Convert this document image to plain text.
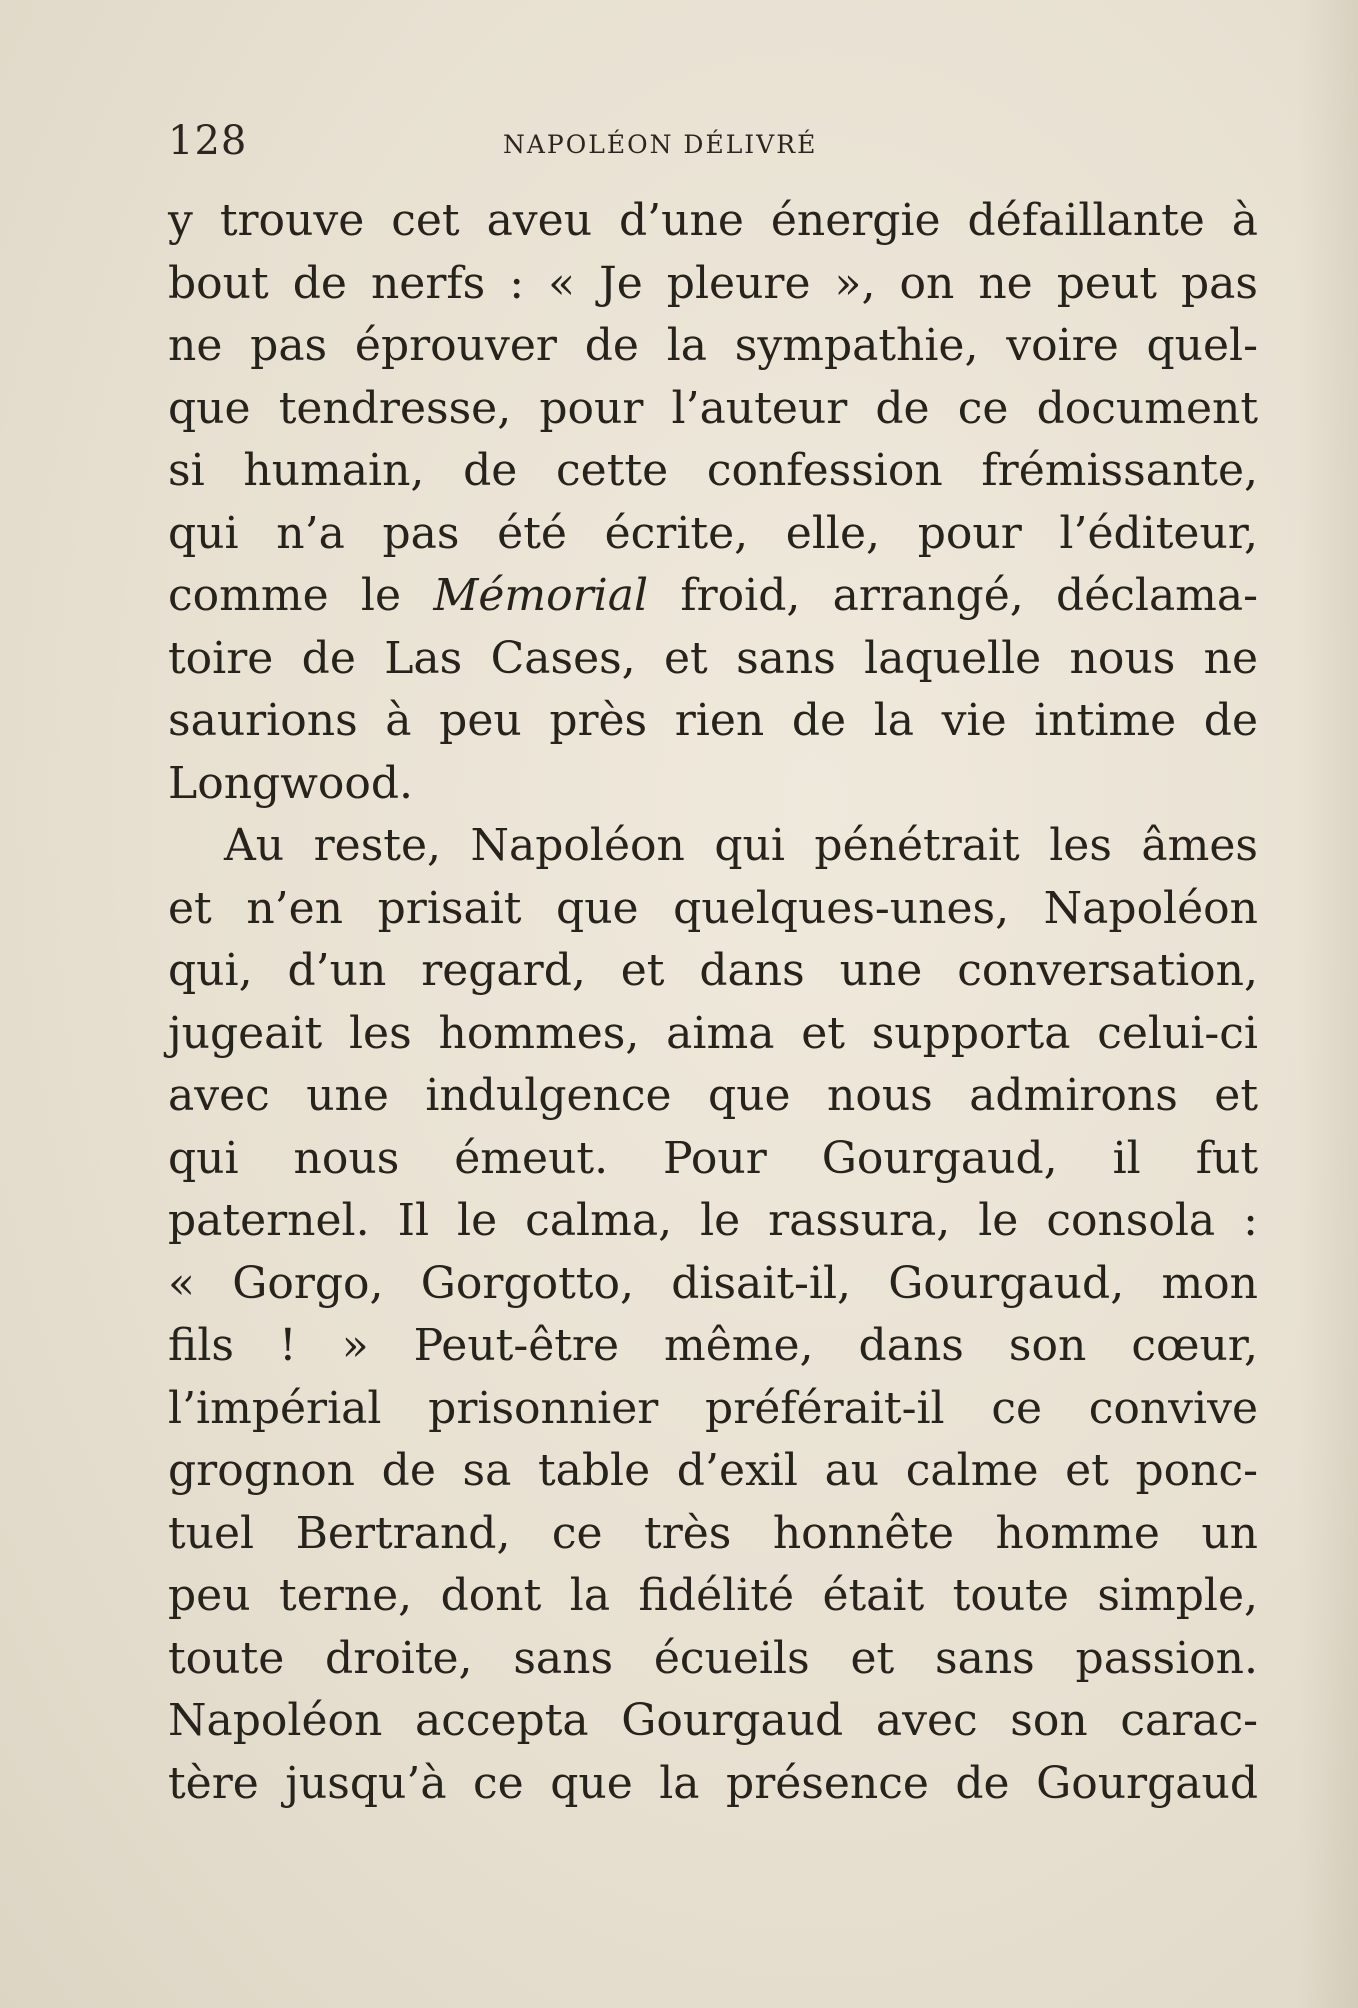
128	NAPOLÉON DÉLIVRÉ
y trouve cet aveu d’une énergie défaillante à
bout de nerfs : « Je pleure », on ne peut pas
ne pas éprouver de la sympathie, voire quel-
que tendresse, pour l’auteur de ce document
si humain, de cette confession frémissante,
qui n’a pas été écrite, elle, pour l’éditeur,
comme le Mémorial froid, arrangé, déclama-
toire de Las Cases, et sans laquelle nous ne
saurions à peu près rien de la vie intime de
Longwood.
Au reste, Napoléon qui pénétrait les âmes
et n’en prisait que quelques-unes, Napoléon
qui, d’un regard, et dans une conversation,
jugeait les hommes, aima et supporta celui-ci
avec une indulgence que nous admirons et
qui nous émeut. Pour Gourgaud, il fut
paternel. Il le calma, le rassura, le consola :
« Gorgo, Gorgotto, disait-il, Gourgaud, mon
fils ! » Peut-être même, dans son cœur,
l’impérial prisonnier préférait-il ce convive
grognon de sa table d’exil au calme et ponc-
tuel Bertrand, ce très honnête homme un
peu terne, dont la fidélité était toute simple,
toute droite, sans écueils et sans passion.
Napoléon accepta Gourgaud avec son carac-
tère jusqu’à ce que la présence de Gourgaud
